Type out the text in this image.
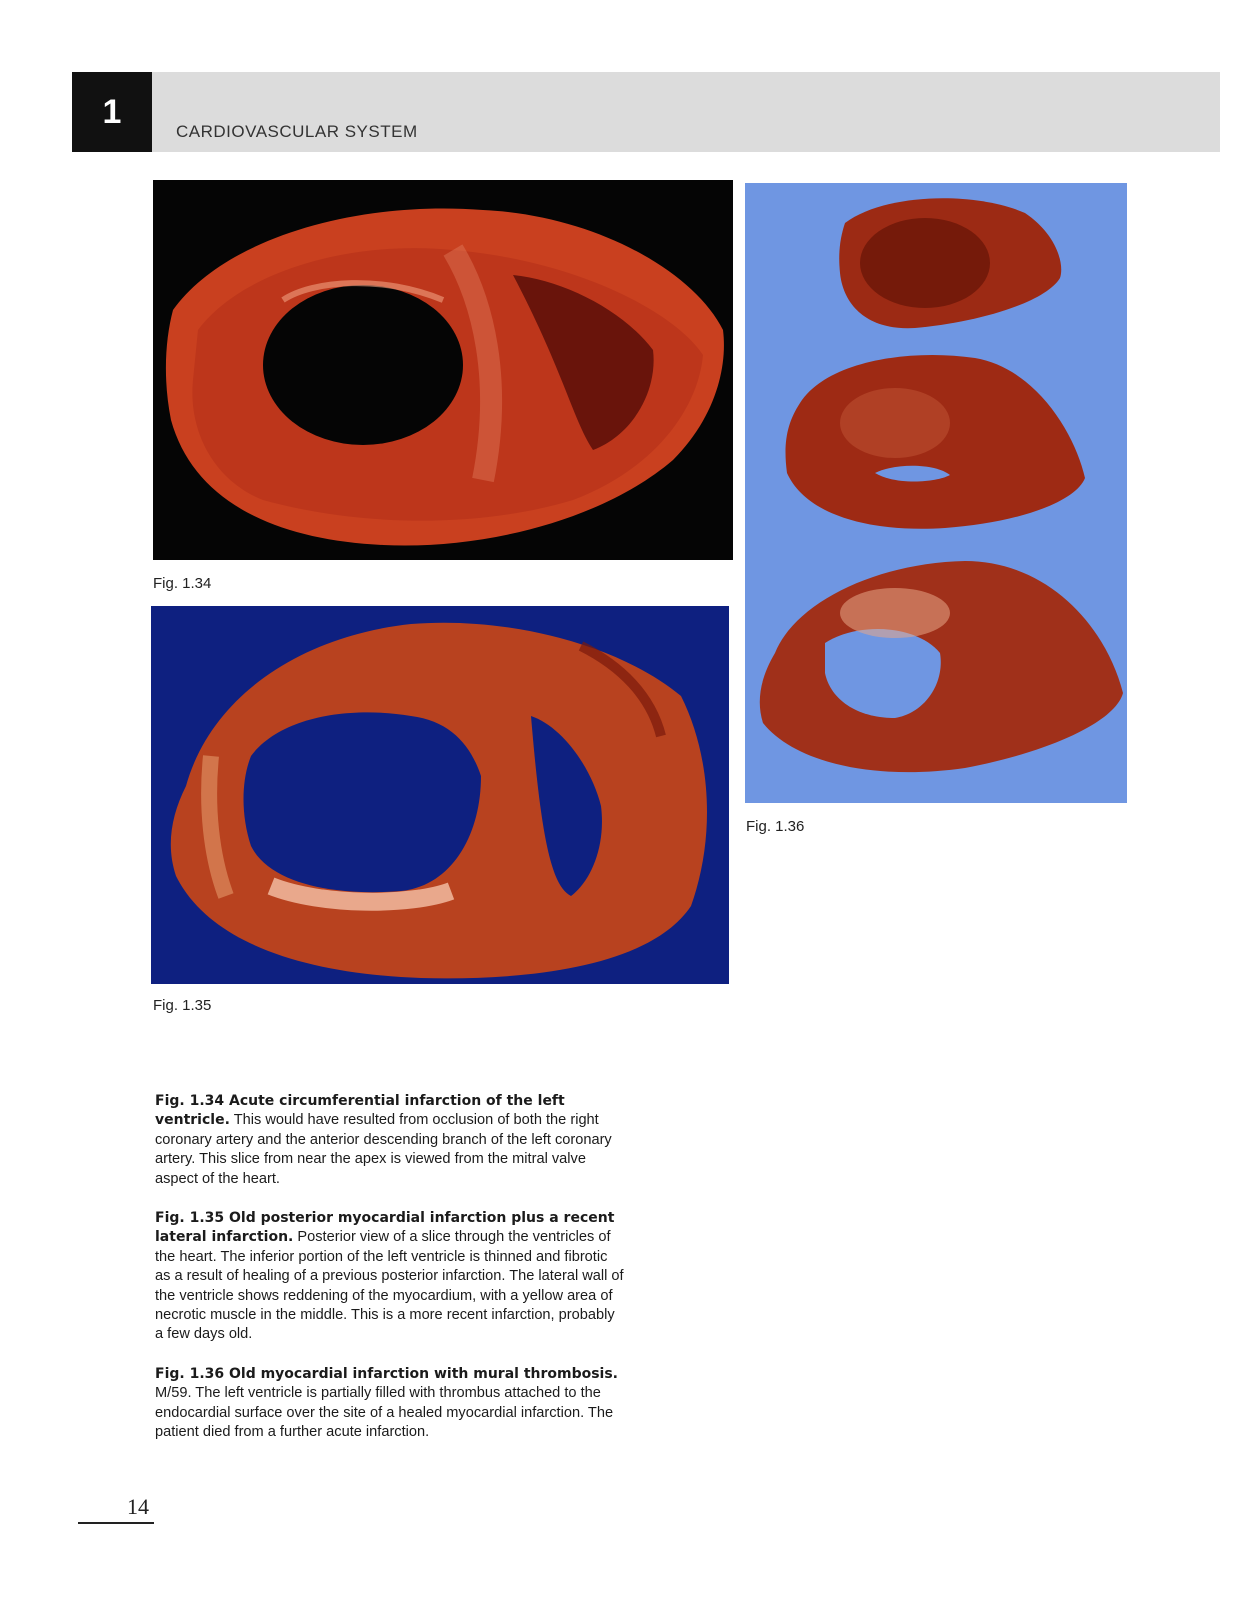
1
CARDIOVASCULAR SYSTEM
Fig. 1.34
Fig. 1.35
Fig. 1.36

Fig. 1.34 Acute circumferential infarction of the left ventricle. This would have resulted from occlusion of both the right coronary artery and the anterior descending branch of the left coronary artery. This slice from near the apex is viewed from the mitral valve aspect of the heart.

Fig. 1.35 Old posterior myocardial infarction plus a recent lateral infarction. Posterior view of a slice through the ventricles of the heart. The inferior portion of the left ventricle is thinned and fibrotic as a result of healing of a previous posterior infarction. The lateral wall of the ventricle shows reddening of the myocardium, with a yellow area of necrotic muscle in the middle. This is a more recent infarction, probably a few days old.

Fig. 1.36 Old myocardial infarction with mural thrombosis. M/59. The left ventricle is partially filled with thrombus attached to the endocardial surface over the site of a healed myocardial infarction. The patient died from a further acute infarction.

14
